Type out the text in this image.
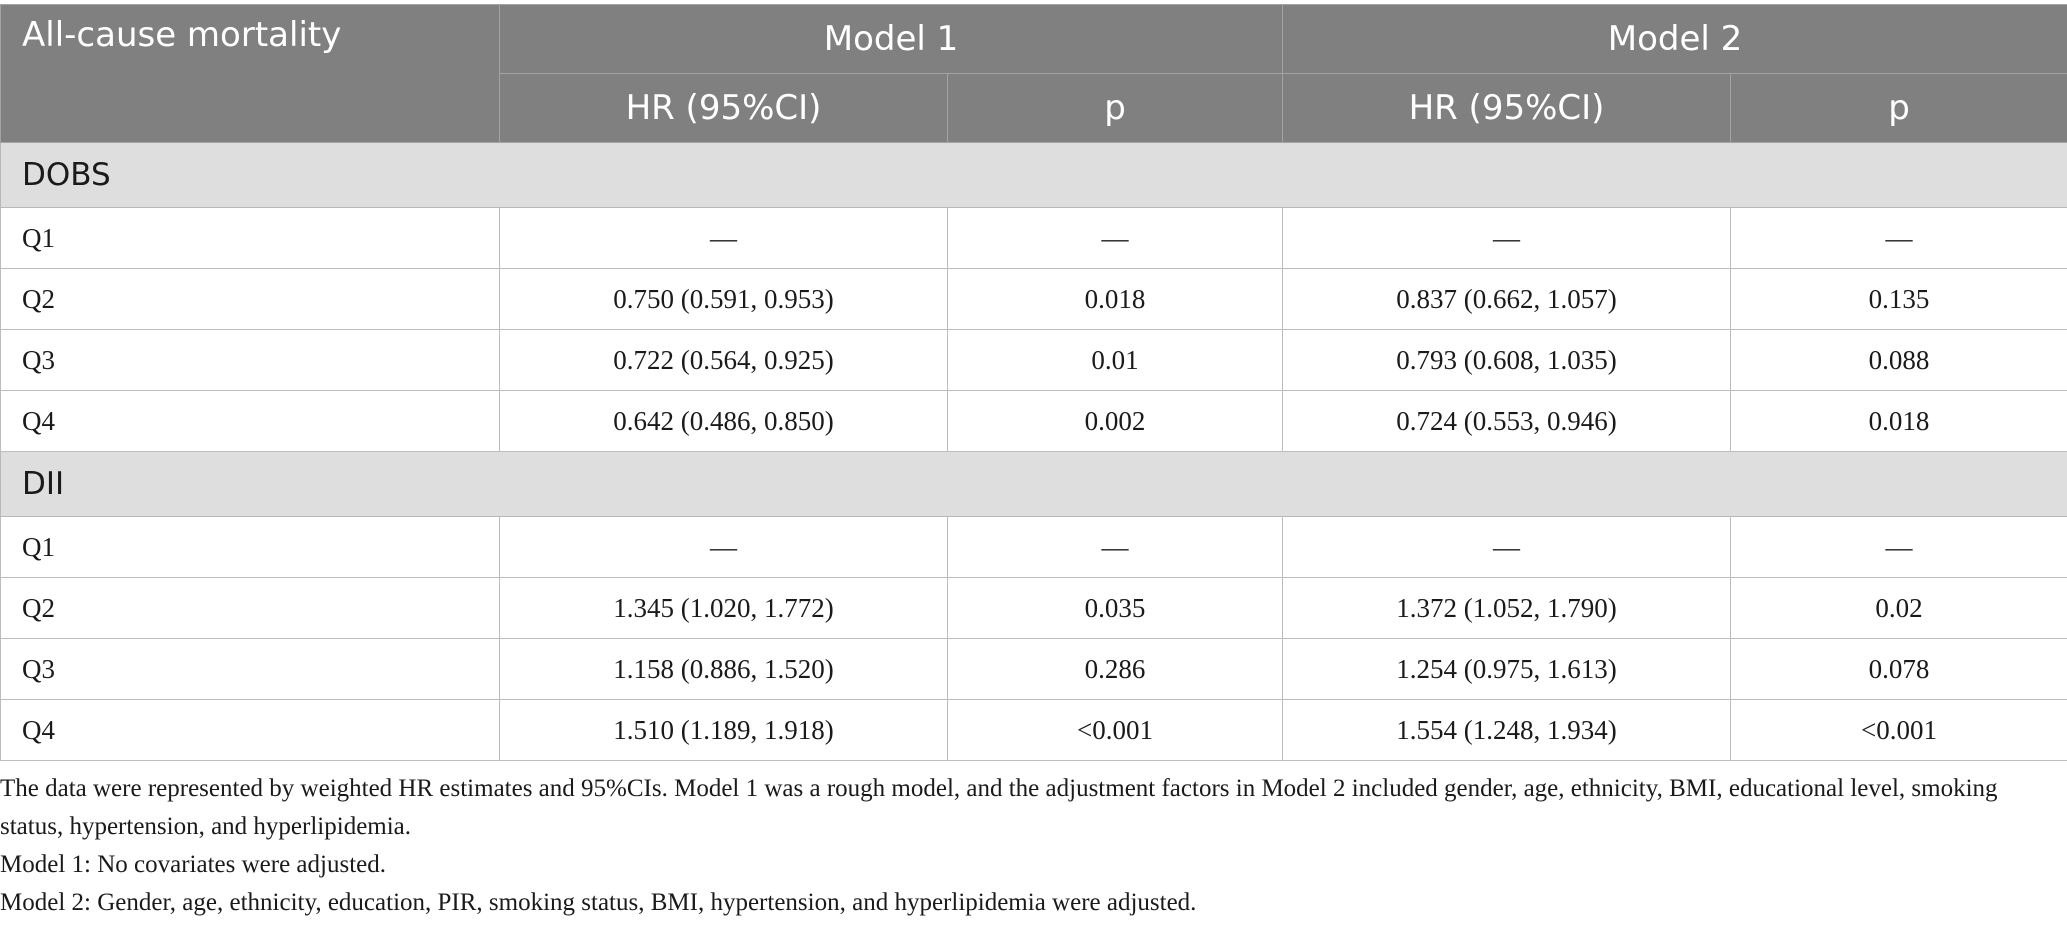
All-cause mortality	Model 1		Model 2	
	HR (95%CI)	p	HR (95%CI)	p
DOBS				
Q1	—	—	—	—
Q2	0.750 (0.591, 0.953)	0.018	0.837 (0.662, 1.057)	0.135
Q3	0.722 (0.564, 0.925)	0.01	0.793 (0.608, 1.035)	0.088
Q4	0.642 (0.486, 0.850)	0.002	0.724 (0.553, 0.946)	0.018
DII				
Q1	—	—	—	—
Q2	1.345 (1.020, 1.772)	0.035	1.372 (1.052, 1.790)	0.02
Q3	1.158 (0.886, 1.520)	0.286	1.254 (0.975, 1.613)	0.078
Q4	1.510 (1.189, 1.918)	<0.001	1.554 (1.248, 1.934)	<0.001

The data were represented by weighted HR estimates and 95%CIs. Model 1 was a rough model, and the adjustment factors in Model 2 included gender, age, ethnicity, BMI, educational level, smoking status, hypertension, and hyperlipidemia.

Model 1: No covariates were adjusted.

Model 2: Gender, age, ethnicity, education, PIR, smoking status, BMI, hypertension, and hyperlipidemia were adjusted.
